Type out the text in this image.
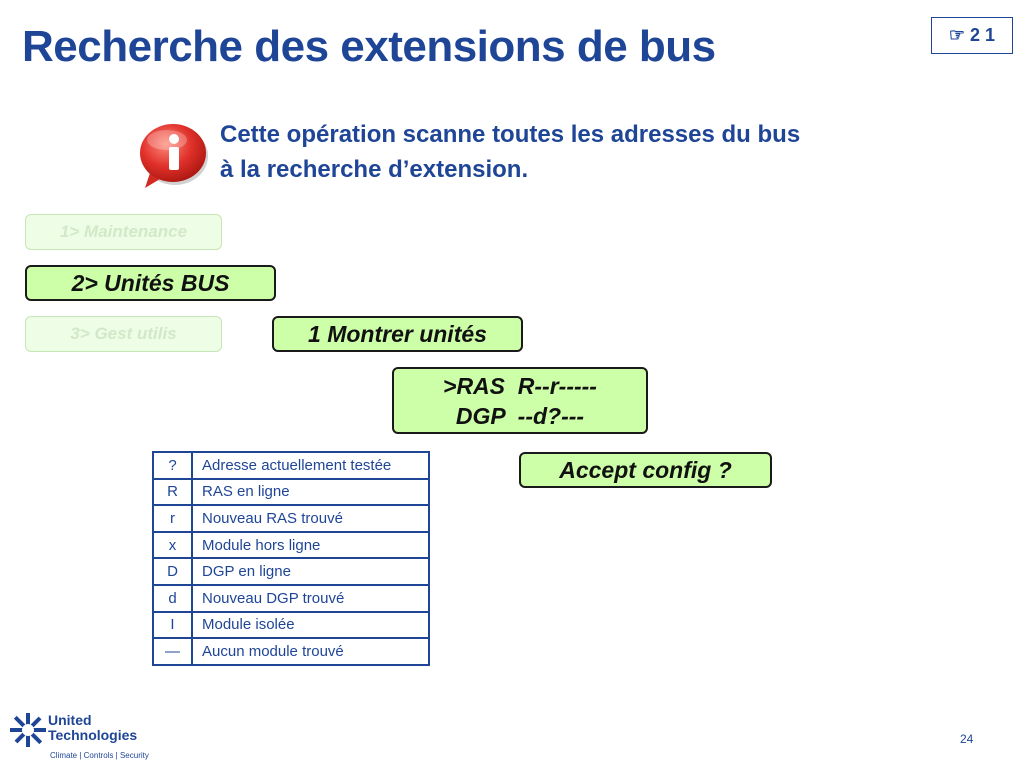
Recherche des extensions de bus	☞ 2 1
Cette opération scanne toutes les adresses du bus
à la recherche d’extension.
1> Maintenance
2> Unités BUS
3> Gest utilis	1 Montrer unités
>RAS  R--r-----
DGP  --d?---
Accept config ?
?	Adresse actuellement testée
R	RAS en ligne
r	Nouveau RAS trouvé
x	Module hors ligne
D	DGP en ligne
d	Nouveau DGP trouvé
I	Module isolée
—	Aucun module trouvé
United
Technologies
Climate | Controls | Security
24
